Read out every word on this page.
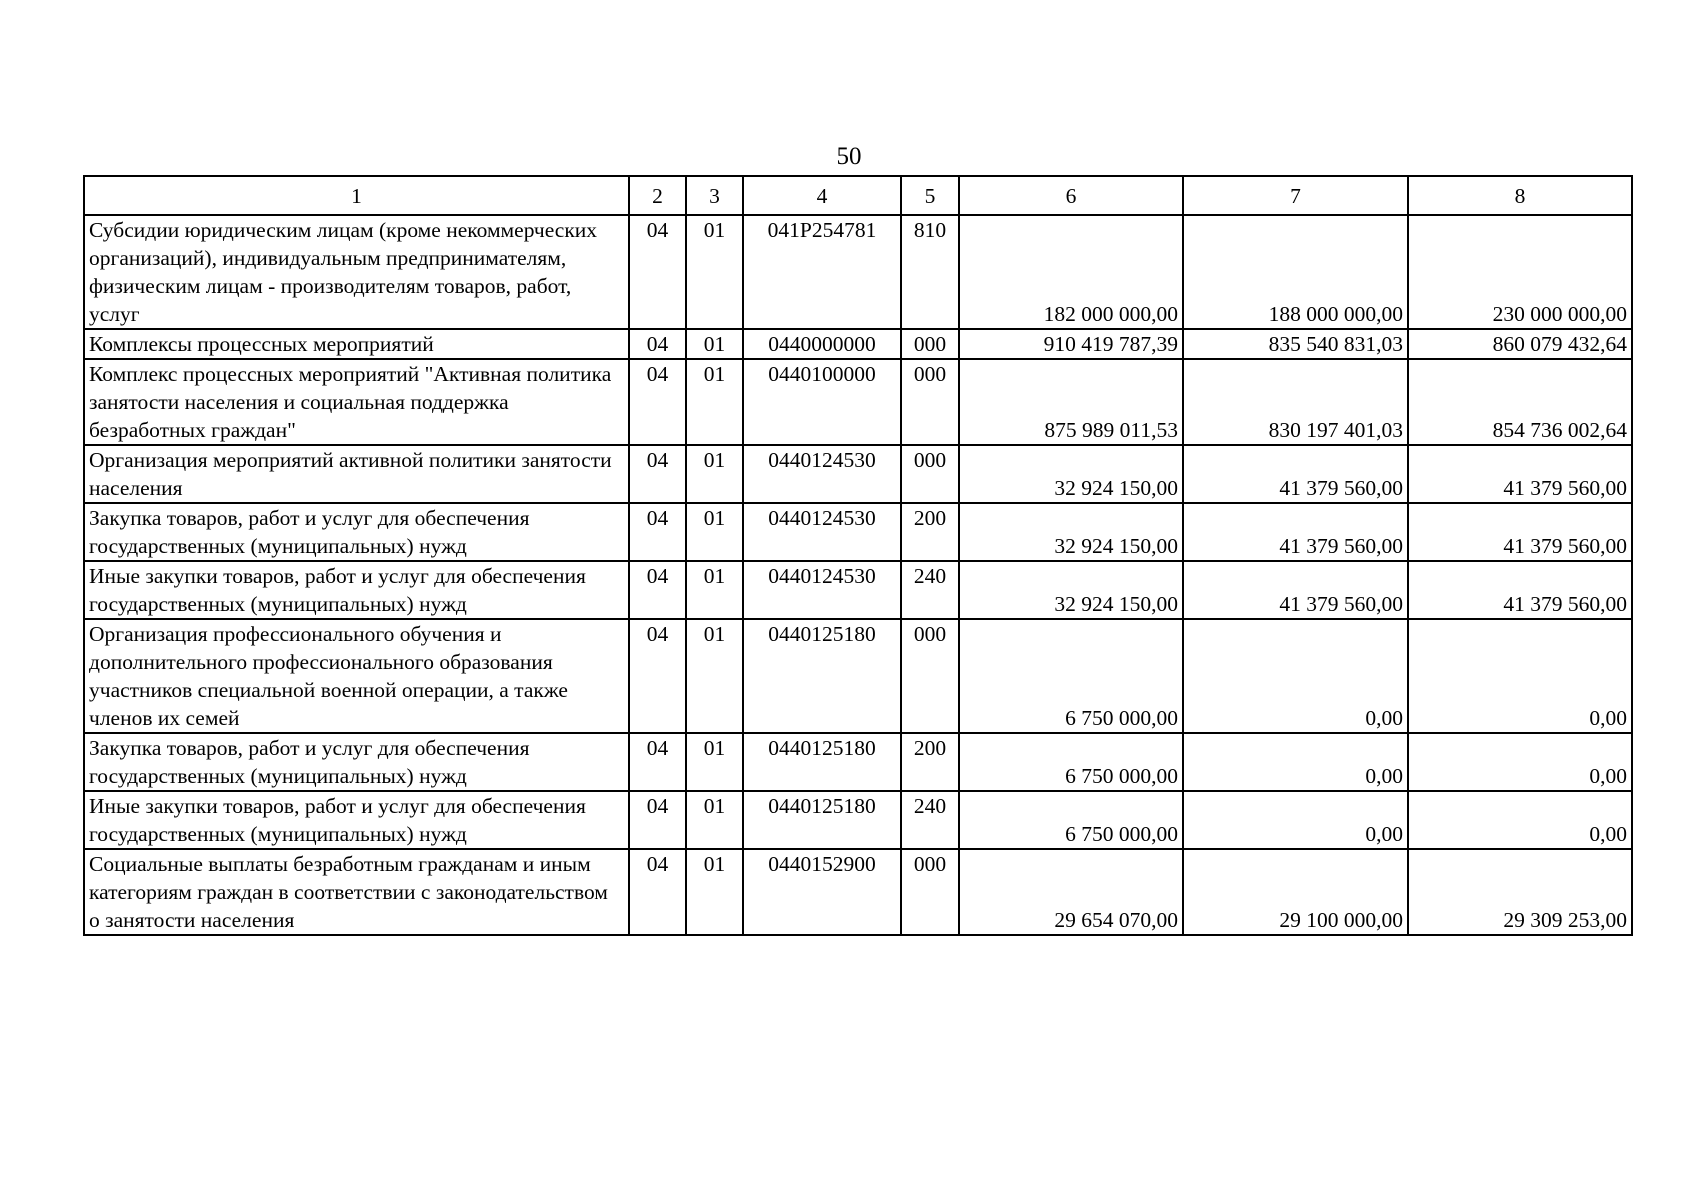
50
1	2	3	4	5	6	7	8
Субсидии юридическим лицам (кроме некоммерческих организаций), индивидуальным предпринимателям, физическим лицам - производителям товаров, работ, услуг	04	01	041P254781	810	182 000 000,00	188 000 000,00	230 000 000,00
Комплексы процессных мероприятий	04	01	0440000000	000	910 419 787,39	835 540 831,03	860 079 432,64
Комплекс процессных мероприятий "Активная политика занятости населения и социальная поддержка безработных граждан"	04	01	0440100000	000	875 989 011,53	830 197 401,03	854 736 002,64
Организация мероприятий активной политики занятости населения	04	01	0440124530	000	32 924 150,00	41 379 560,00	41 379 560,00
Закупка товаров, работ и услуг для обеспечения государственных (муниципальных) нужд	04	01	0440124530	200	32 924 150,00	41 379 560,00	41 379 560,00
Иные закупки товаров, работ и услуг для обеспечения государственных (муниципальных) нужд	04	01	0440124530	240	32 924 150,00	41 379 560,00	41 379 560,00
Организация профессионального обучения и дополнительного профессионального образования участников специальной военной операции, а также членов их семей	04	01	0440125180	000	6 750 000,00	0,00	0,00
Закупка товаров, работ и услуг для обеспечения государственных (муниципальных) нужд	04	01	0440125180	200	6 750 000,00	0,00	0,00
Иные закупки товаров, работ и услуг для обеспечения государственных (муниципальных) нужд	04	01	0440125180	240	6 750 000,00	0,00	0,00
Социальные выплаты безработным гражданам и иным категориям граждан в соответствии с законодательством о занятости населения	04	01	0440152900	000	29 654 070,00	29 100 000,00	29 309 253,00
